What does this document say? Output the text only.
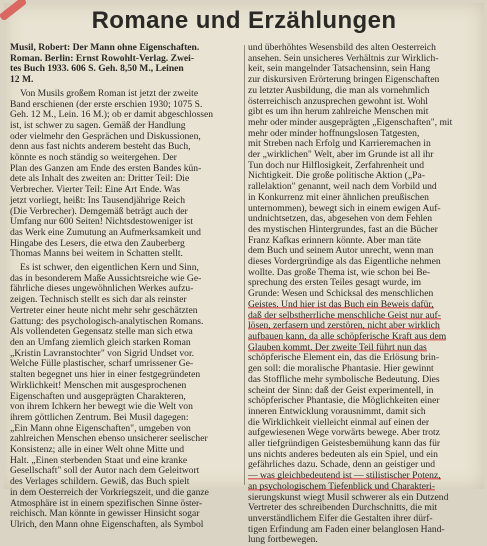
Romane und Erzählungen
Musil, Robert: Der Mann ohne Eigenschaften.
Roman. Berlin: Ernst Rowohlt-Verlag. Zwei-
tes Buch 1933. 606 S. Geh. 8,50 M., Leinen
12 M.
Von Musils großem Roman ist jetzt der zweite
Band erschienen (der erste erschien 1930; 1075 S.
Geh. 12 M., Lein. 16 M.); ob er damit abgeschlossen
ist, ist schwer zu sagen. Gemäß der Handlung
oder vielmehr den Gesprächen und Diskussionen,
denn aus fast nichts anderem besteht das Buch,
könnte es noch ständig so weitergehen. Der
Plan des Ganzen am Ende des ersten Bandes kün-
dete als Inhalt des zweiten an: Dritter Teil: Die
Verbrecher. Vierter Teil: Eine Art Ende. Was
jetzt vorliegt, heißt: Ins Tausendjährige Reich
(Die Verbrecher). Demgemäß beträgt auch der
Umfang nur 600 Seiten! Nichtsdestoweniger ist
das Werk eine Zumutung an Aufmerksamkeit und
Hingabe des Lesers, die etwa den Zauberberg
Thomas Manns bei weitem in Schatten stellt.
Es ist schwer, den eigentlichen Kern und Sinn,
das in besonderem Maße Aussichtsreiche wie Ge-
fährliche dieses ungewöhnlichen Werkes aufzu-
zeigen. Technisch stellt es sich dar als reinster
Vertreter einer heute nicht mehr sehr geschätzten
Gattung: des psychologisch-analytischen Romans.
Als vollendeten Gegensatz stelle man sich etwa
den an Umfang ziemlich gleich starken Roman
„Kristin Lavranstochter" von Sigrid Undset vor.
Welche Fülle plastischer, scharf umrissener Ge-
stalten begegnet uns hier in einer festgegründeten
Wirklichkeit! Menschen mit ausgesprochenen
Eigenschaften und ausgeprägten Charakteren,
von ihrem Ichkern her bewegt wie die Welt von
ihrem göttlichen Zentrum. Bei Musil dagegen:
„Ein Mann ohne Eigenschaften", umgeben von
zahlreichen Menschen ebenso unsicherer seelischer
Konsistenz; alle in einer Welt ohne Mitte und
Halt. „Einen sterbenden Staat und eine kranke
Gesellschaft" soll der Autor nach dem Geleitwort
des Verlages schildern. Gewiß, das Buch spielt
in dem Oesterreich der Vorkriegszeit, und die ganze
Atmosphäre ist in einem spezifischen Sinne öster-
reichisch. Man könnte in gewisser Hinsicht sogar
Ulrich, den Mann ohne Eigenschaften, als Symbol
und überhöhtes Wesensbild des alten Oesterreich
ansehen. Sein unsicheres Verhältnis zur Wirklich-
keit, sein mangelnder Tatsachensinn, sein Hang
zur diskursiven Erörterung bringen Eigenschaften
zu letzter Ausbildung, die man als vornehmlich
österreichisch anzusprechen gewohnt ist. Wohl
gibt es um ihn herum zahlreiche Menschen mit
mehr oder minder ausgeprägten „Eigenschaften", mit
mehr oder minder hoffnungslosen Tatgesten,
mit Streben nach Erfolg und Karrieremachen in
der „wirklichen" Welt, aber im Grunde ist all ihr
Tun doch nur Hilflosigkeit, Zerfahrenheit und
Nichtigkeit. Die große politische Aktion („Pa-
rallelaktion" genannt, weil nach dem Vorbild und
in Konkurrenz mit einer ähnlichen preußischen
unternommen), bewegt sich in einem ewigen Auf-
undnichtsetzen, das, abgesehen von dem Fehlen
des mystischen Hintergrundes, fast an die Bücher
Franz Kafkas erinnern könnte. Aber man täte
dem Buch und seinem Autor unrecht, wenn man
dieses Vordergründige als das Eigentliche nehmen
wollte. Das große Thema ist, wie schon bei Be-
sprechung des ersten Teiles gesagt wurde, im
Grunde: Wesen und Schicksal des menschlichen
Geistes. Und hier ist das Buch ein Beweis dafür,
daß der selbstherrliche menschliche Geist nur auf-
lösen, zerfasern und zerstören, nicht aber wirklich
aufbauen kann, da alle schöpferische Kraft aus dem
Glauben kommt. Der zweite Teil führt nun das
schöpferische Element ein, das die Erlösung brin-
gen soll: die moralische Phantasie. Hier gewinnt
das Stoffliche mehr symbolische Bedeutung. Dies
scheint der Sinn: daß der Geist experimentell, in
schöpferischer Phantasie, die Möglichkeiten einer
inneren Entwicklung vorausnimmt, damit sich
die Wirklichkeit vielleicht einmal auf einen der
aufgewiesenen Wege vorwärts bewege. Aber trotz
aller tiefgründigen Geistesbemühung kann das für
uns nichts anderes bedeuten als ein Spiel, und ein
gefährliches dazu. Schade, denn an geistiger und
— was gleichbedeutend ist — stilistischer Potenz,
an psychologischem Tiefenblick und Charakteri-
sierungskunst wiegt Musil schwerer als ein Dutzend
Vertreter des schreibenden Durchschnitts, die mit
unverständlichem Eifer die Gestalten ihrer dürf-
tigen Erfindung am Faden einer belanglosen Hand-
lung fortbewegen.
